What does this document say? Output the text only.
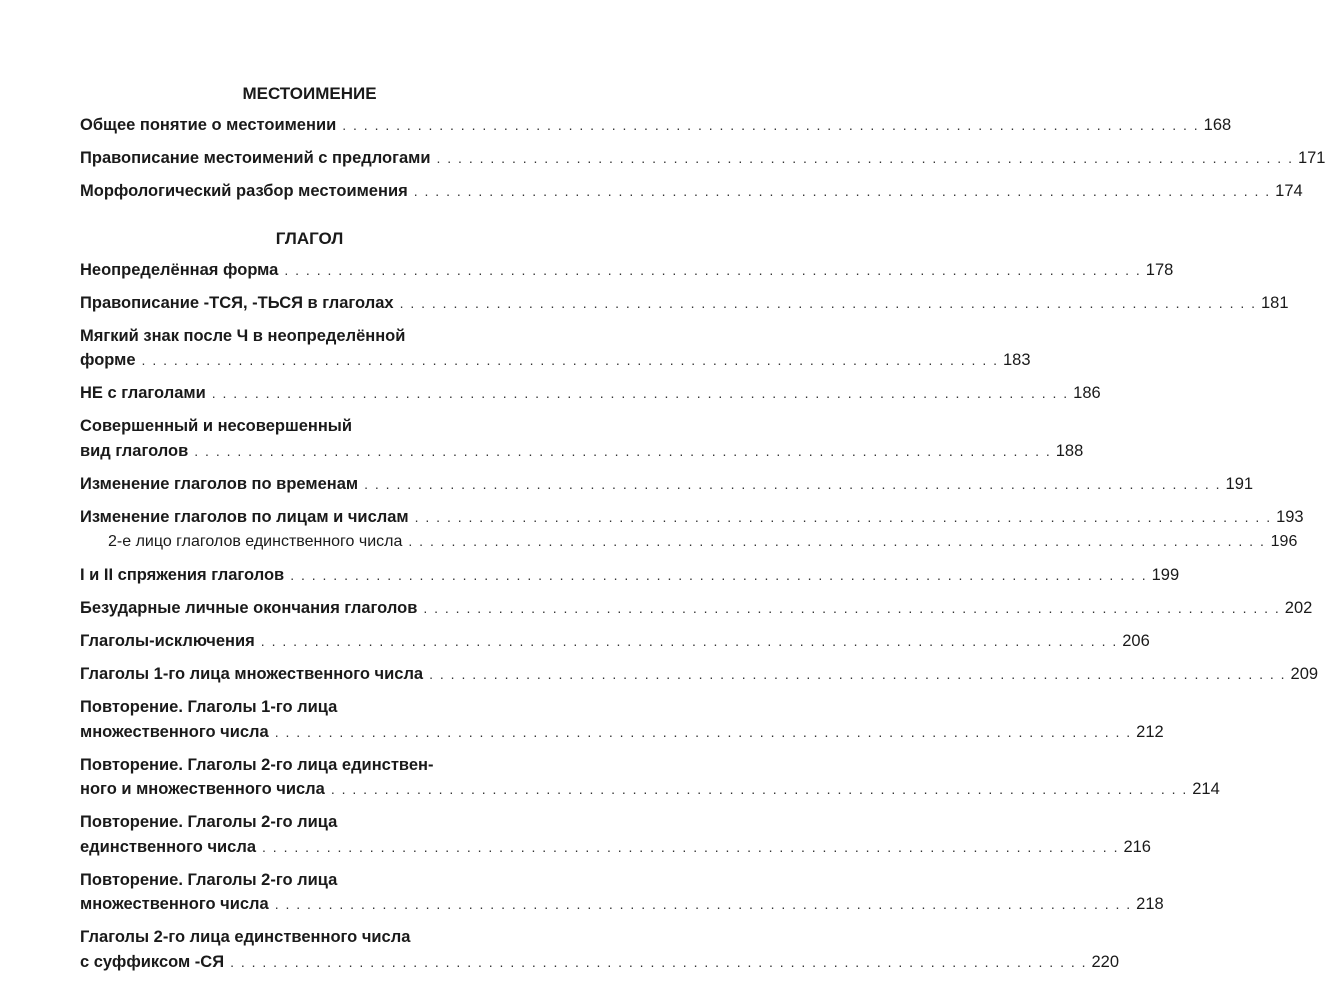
МЕСТОИМЕНИЕ
Общее понятие о местоимении . . . . . . . . . . . . . . . . . . . . . . . . . . . . . . . . . . . . . . . . . . . . . . . . . . . . . . . . . . . . . . . . . . . . . . . . . . . . . . . . 168
Правописание местоимений с предлогами . . . . . . . . . . . . . . . . . . . . . . . . . . . . . . . . . . . . . . . . . . . . . . . . . . . . . . . . . . . . . . . . . . . . . . . . . . . . . . . . 171
Морфологический разбор местоимения . . . . . . . . . . . . . . . . . . . . . . . . . . . . . . . . . . . . . . . . . . . . . . . . . . . . . . . . . . . . . . . . . . . . . . . . . . . . . . . . 174
ГЛАГОЛ
Неопределённая форма . . . . . . . . . . . . . . . . . . . . . . . . . . . . . . . . . . . . . . . . . . . . . . . . . . . . . . . . . . . . . . . . . . . . . . . . . . . . . . . . 178
Правописание -ТСЯ, -ТЬСЯ в глаголах . . . . . . . . . . . . . . . . . . . . . . . . . . . . . . . . . . . . . . . . . . . . . . . . . . . . . . . . . . . . . . . . . . . . . . . . . . . . . . . . 181
Мягкий знак после Ч в неопределённой
форме . . . . . . . . . . . . . . . . . . . . . . . . . . . . . . . . . . . . . . . . . . . . . . . . . . . . . . . . . . . . . . . . . . . . . . . . . . . . . . . . 183
НЕ с глаголами . . . . . . . . . . . . . . . . . . . . . . . . . . . . . . . . . . . . . . . . . . . . . . . . . . . . . . . . . . . . . . . . . . . . . . . . . . . . . . . . 186
Совершенный и несовершенный
вид глаголов . . . . . . . . . . . . . . . . . . . . . . . . . . . . . . . . . . . . . . . . . . . . . . . . . . . . . . . . . . . . . . . . . . . . . . . . . . . . . . . . 188
Изменение глаголов по временам . . . . . . . . . . . . . . . . . . . . . . . . . . . . . . . . . . . . . . . . . . . . . . . . . . . . . . . . . . . . . . . . . . . . . . . . . . . . . . . . 191
Изменение глаголов по лицам и числам . . . . . . . . . . . . . . . . . . . . . . . . . . . . . . . . . . . . . . . . . . . . . . . . . . . . . . . . . . . . . . . . . . . . . . . . . . . . . . . . 193
2-е лицо глаголов единственного числа . . . . . . . . . . . . . . . . . . . . . . . . . . . . . . . . . . . . . . . . . . . . . . . . . . . . . . . . . . . . . . . . . . . . . . . . . . . . . . . . 196
I и II спряжения глаголов . . . . . . . . . . . . . . . . . . . . . . . . . . . . . . . . . . . . . . . . . . . . . . . . . . . . . . . . . . . . . . . . . . . . . . . . . . . . . . . . 199
Безударные личные окончания глаголов . . . . . . . . . . . . . . . . . . . . . . . . . . . . . . . . . . . . . . . . . . . . . . . . . . . . . . . . . . . . . . . . . . . . . . . . . . . . . . . . 202
Глаголы-исключения . . . . . . . . . . . . . . . . . . . . . . . . . . . . . . . . . . . . . . . . . . . . . . . . . . . . . . . . . . . . . . . . . . . . . . . . . . . . . . . . 206
Глаголы 1-го лица множественного числа . . . . . . . . . . . . . . . . . . . . . . . . . . . . . . . . . . . . . . . . . . . . . . . . . . . . . . . . . . . . . . . . . . . . . . . . . . . . . . . . 209
Повторение. Глаголы 1-го лица
множественного числа . . . . . . . . . . . . . . . . . . . . . . . . . . . . . . . . . . . . . . . . . . . . . . . . . . . . . . . . . . . . . . . . . . . . . . . . . . . . . . . . 212
Повторение. Глаголы 2-го лица единствен-
ного и множественного числа . . . . . . . . . . . . . . . . . . . . . . . . . . . . . . . . . . . . . . . . . . . . . . . . . . . . . . . . . . . . . . . . . . . . . . . . . . . . . . . . 214
Повторение. Глаголы 2-го лица
единственного числа . . . . . . . . . . . . . . . . . . . . . . . . . . . . . . . . . . . . . . . . . . . . . . . . . . . . . . . . . . . . . . . . . . . . . . . . . . . . . . . . 216
Повторение. Глаголы 2-го лица
множественного числа . . . . . . . . . . . . . . . . . . . . . . . . . . . . . . . . . . . . . . . . . . . . . . . . . . . . . . . . . . . . . . . . . . . . . . . . . . . . . . . . 218
Глаголы 2-го лица единственного числа
с суффиксом -СЯ . . . . . . . . . . . . . . . . . . . . . . . . . . . . . . . . . . . . . . . . . . . . . . . . . . . . . . . . . . . . . . . . . . . . . . . . . . . . . . . . 220
